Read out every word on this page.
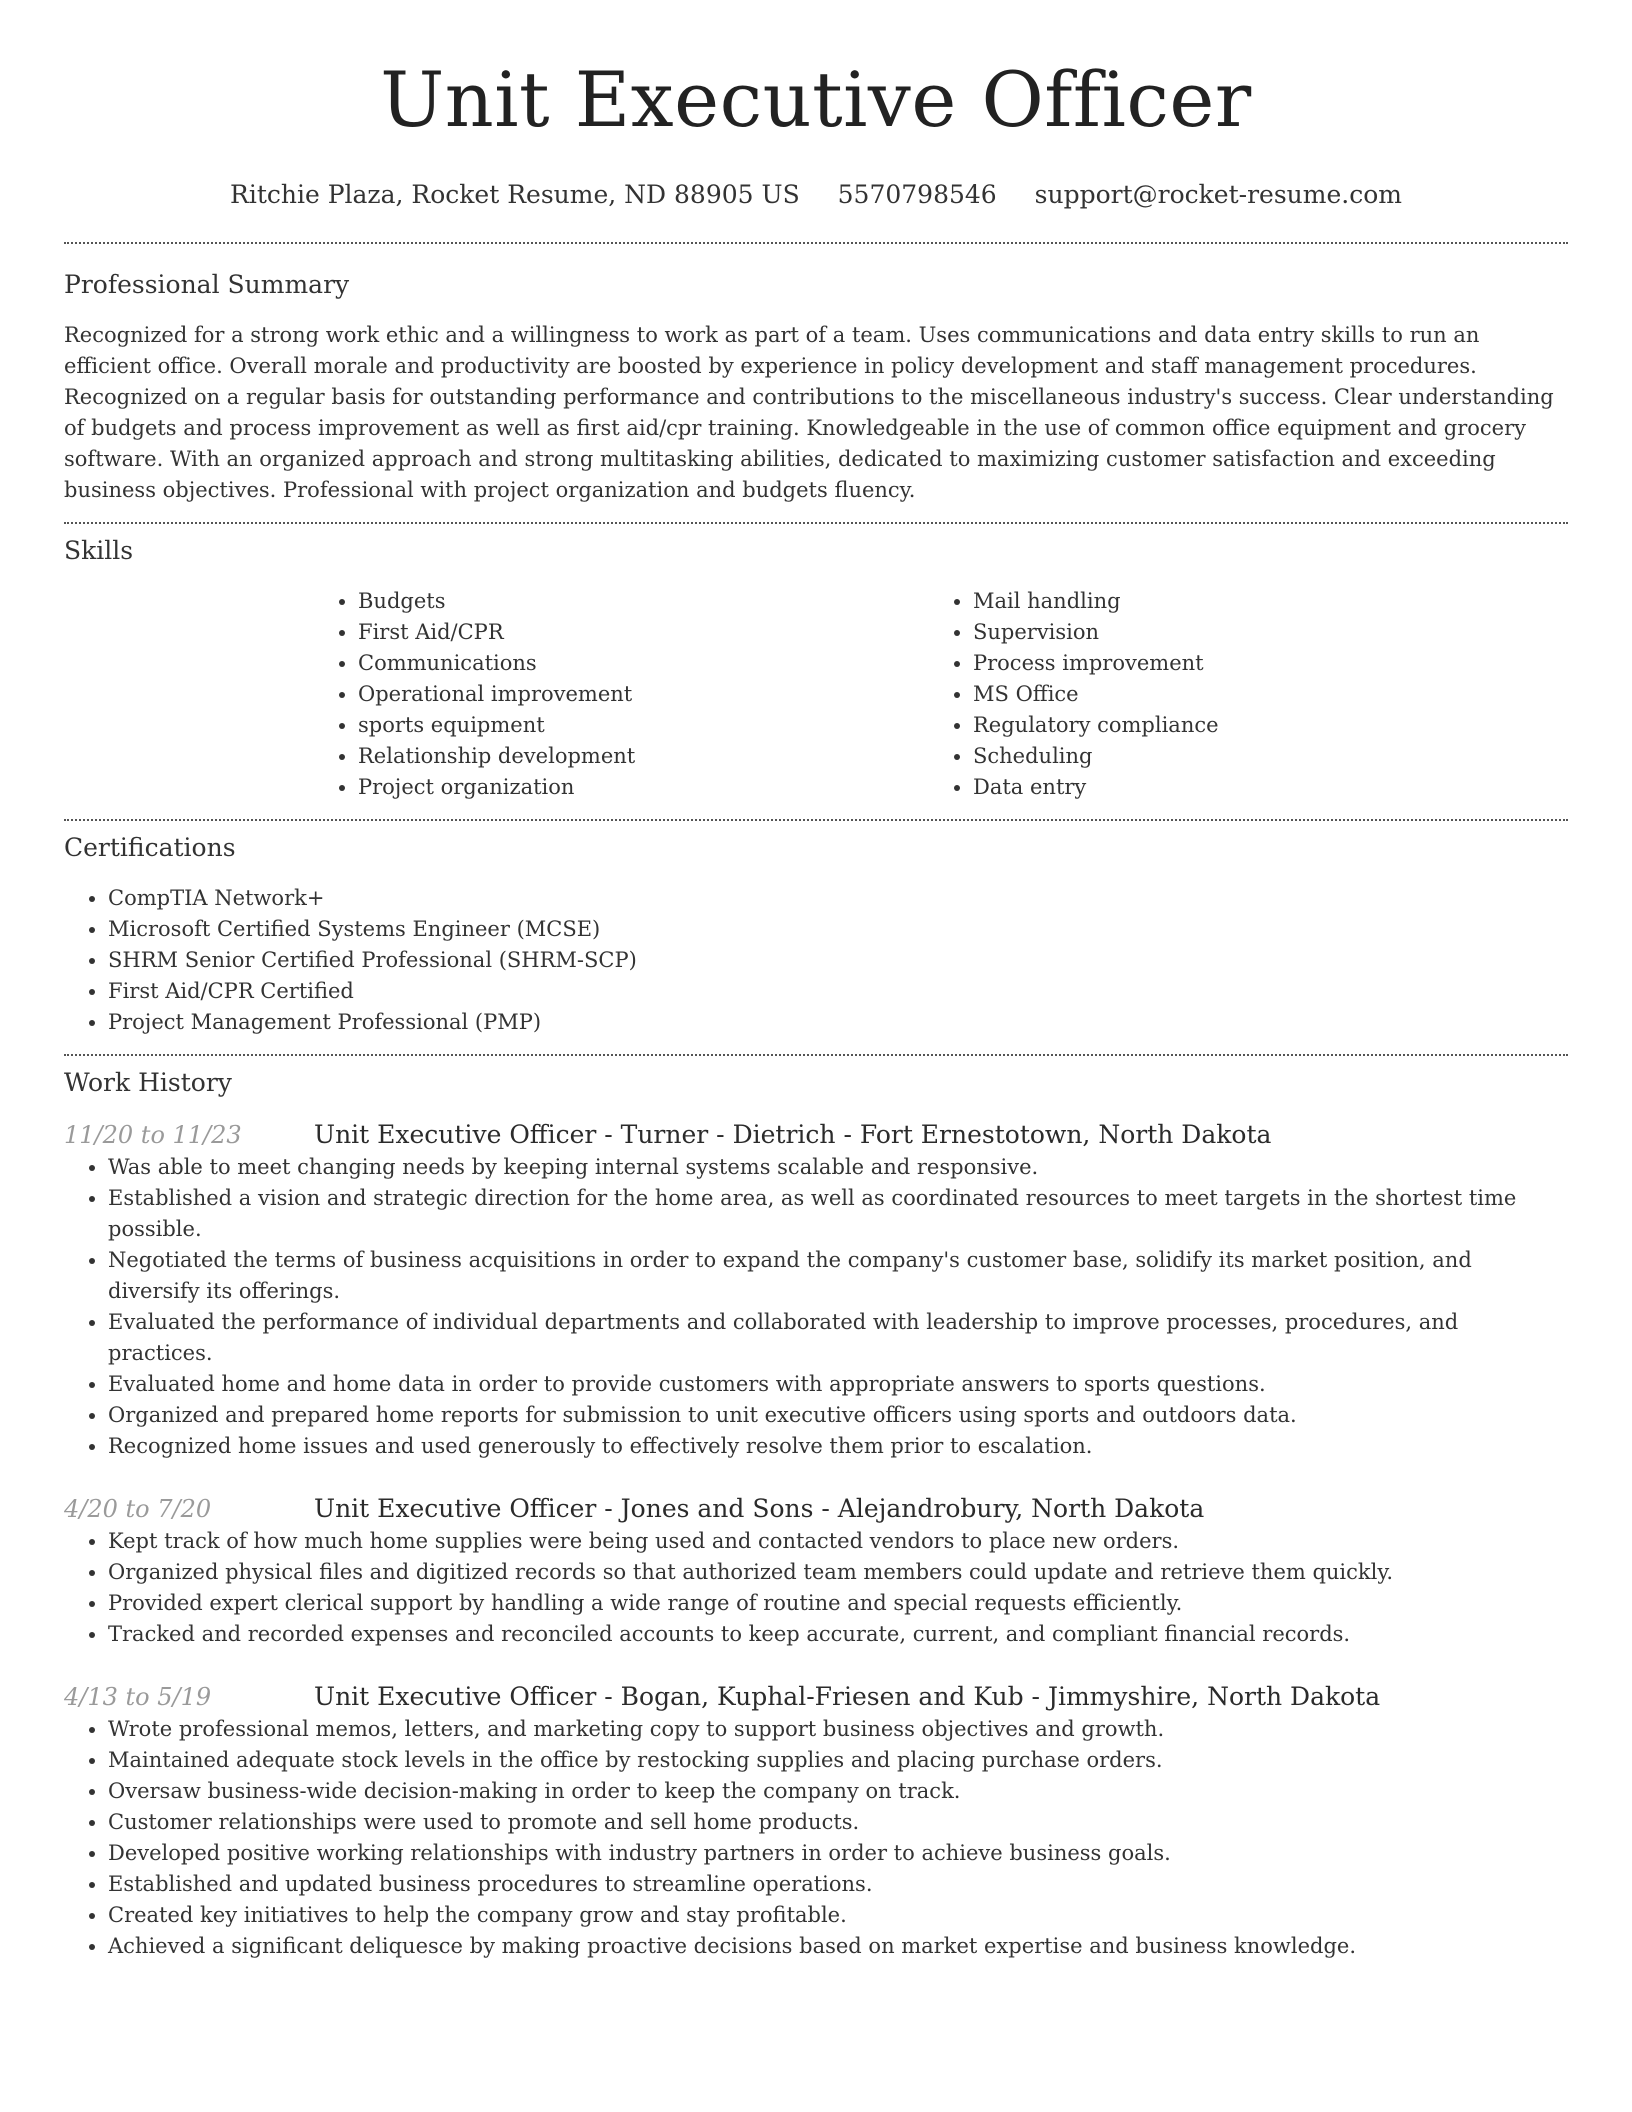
Unit Executive Officer
Ritchie Plaza, Rocket Resume, ND 88905 US 5570798546 support@rocket-resume.com
Professional Summary

Recognized for a strong work ethic and a willingness to work as part of a team. Uses communications and data entry skills to run an efficient office. Overall morale and productivity are boosted by experience in policy development and staff management procedures. Recognized on a regular basis for outstanding performance and contributions to the miscellaneous industry's success. Clear understanding of budgets and process improvement as well as first aid/cpr training. Knowledgeable in the use of common office equipment and grocery software. With an organized approach and strong multitasking abilities, dedicated to maximizing customer satisfaction and exceeding business objectives. Professional with project organization and budgets fluency.

Skills
• Budgets
• First Aid/CPR
• Communications
• Operational improvement
• sports equipment
• Relationship development
• Project organization
• Mail handling
• Supervision
• Process improvement
• MS Office
• Regulatory compliance
• Scheduling
• Data entry
Certifications
• CompTIA Network+
• Microsoft Certified Systems Engineer (MCSE)
• SHRM Senior Certified Professional (SHRM-SCP)
• First Aid/CPR Certified
• Project Management Professional (PMP)
Work History
11/20 to 11/23	Unit Executive Officer - Turner - Dietrich - Fort Ernestotown, North Dakota
• Was able to meet changing needs by keeping internal systems scalable and responsive.
• Established a vision and strategic direction for the home area, as well as coordinated resources to meet targets in the shortest time possible.
• Negotiated the terms of business acquisitions in order to expand the company's customer base, solidify its market position, and diversify its offerings.
• Evaluated the performance of individual departments and collaborated with leadership to improve processes, procedures, and practices.
• Evaluated home and home data in order to provide customers with appropriate answers to sports questions.
• Organized and prepared home reports for submission to unit executive officers using sports and outdoors data.
• Recognized home issues and used generously to effectively resolve them prior to escalation.
4/20 to 7/20	Unit Executive Officer - Jones and Sons - Alejandrobury, North Dakota
• Kept track of how much home supplies were being used and contacted vendors to place new orders.
• Organized physical files and digitized records so that authorized team members could update and retrieve them quickly.
• Provided expert clerical support by handling a wide range of routine and special requests efficiently.
• Tracked and recorded expenses and reconciled accounts to keep accurate, current, and compliant financial records.
4/13 to 5/19	Unit Executive Officer - Bogan, Kuphal-Friesen and Kub - Jimmyshire, North Dakota
• Wrote professional memos, letters, and marketing copy to support business objectives and growth.
• Maintained adequate stock levels in the office by restocking supplies and placing purchase orders.
• Oversaw business-wide decision-making in order to keep the company on track.
• Customer relationships were used to promote and sell home products.
• Developed positive working relationships with industry partners in order to achieve business goals.
• Established and updated business procedures to streamline operations.
• Created key initiatives to help the company grow and stay profitable.
• Achieved a significant deliquesce by making proactive decisions based on market expertise and business knowledge.
